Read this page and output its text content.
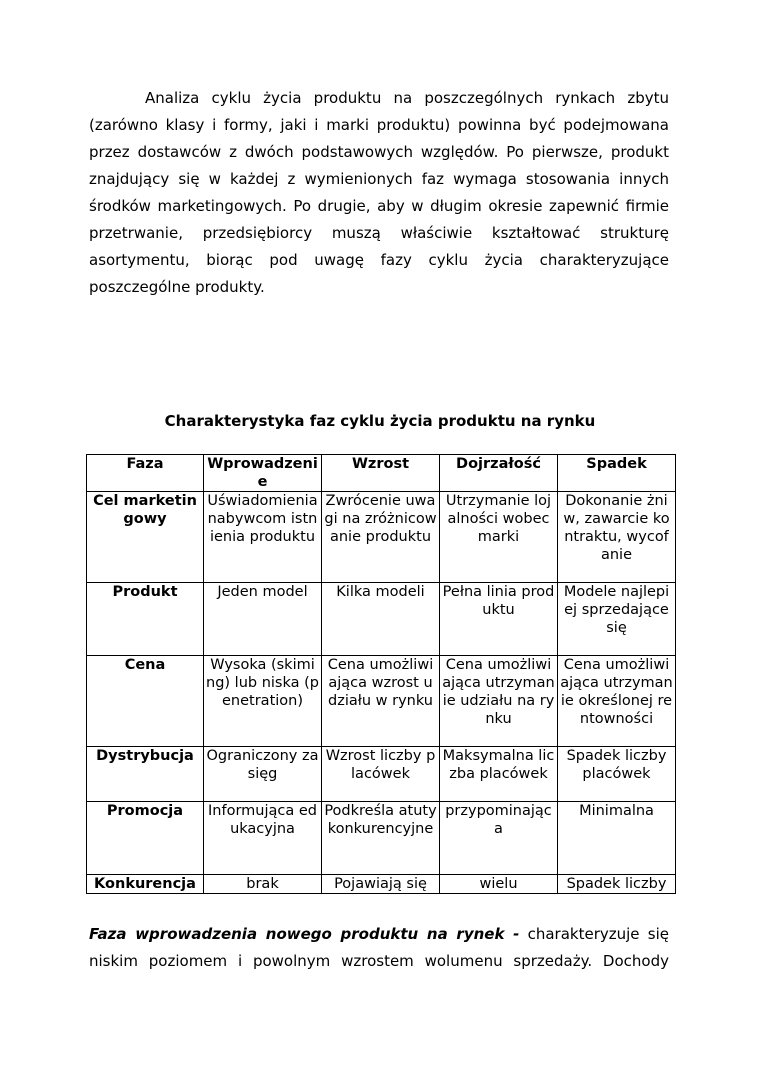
Analiza cyklu życia produktu na poszczególnych rynkach zbytu
(zarówno klasy i formy, jaki i marki produktu) powinna być podejmowana
przez dostawców z dwóch podstawowych względów. Po pierwsze, produkt
znajdujący się w każdej z wymienionych faz wymaga stosowania innych
środków marketingowych. Po drugie, aby w długim okresie zapewnić firmie
przetrwanie, przedsiębiorcy muszą właściwie kształtować strukturę
asortymentu, biorąc pod uwagę fazy cyklu życia charakteryzujące
poszczególne produkty.
Charakterystyka faz cyklu życia produktu na rynku
Faza	Wprowadzenie	Wzrost	Dojrzałość	Spadek
Cel marketingowy	Uświadomienia nabywcom istnienia produktu	Zwrócenie uwagi na zróżnicowanie produktu	Utrzymanie lojalności wobec marki	Dokonanie żniw, zawarcie kontraktu, wycofanie
Produkt	Jeden model	Kilka modeli	Pełna linia produktu	Modele najlepiej sprzedające się
Cena	Wysoka (skiming) lub niska (penetration)	Cena umożliwiająca wzrost udziału w rynku	Cena umożliwiająca utrzymanie udziału na rynku	Cena umożliwiająca utrzymanie określonej rentowności
Dystrybucja	Ograniczony zasięg	Wzrost liczby placówek	Maksymalna liczba placówek	Spadek liczby placówek
Promocja	Informująca edukacyjna	Podkreśla atuty konkurencyjne	przypominająca	Minimalna
Konkurencja	brak	Pojawiają się	wielu	Spadek liczby
Faza wprowadzenia nowego produktu na rynek - charakteryzuje się
niskim poziomem i powolnym wzrostem wolumenu sprzedaży. Dochody
